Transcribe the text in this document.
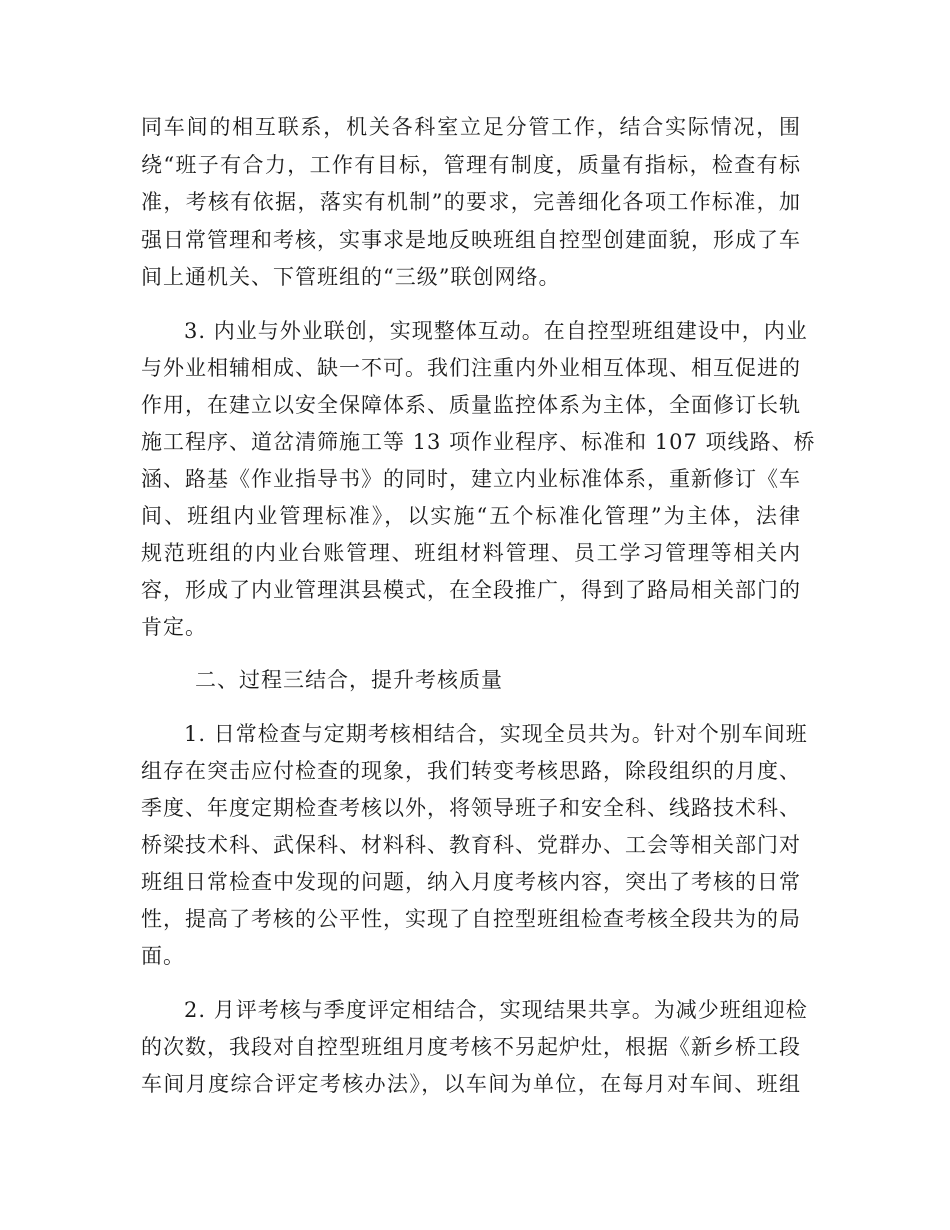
同车间的相互联系，机关各科室立足分管工作，结合实际情况，围
绕“班子有合力，工作有目标，管理有制度，质量有指标，检查有标
准，考核有依据，落实有机制”的要求，完善细化各项工作标准，加
强日常管理和考核，实事求是地反映班组自控型创建面貌，形成了车
间上通机关、下管班组的“三级”联创网络。
3. 内业与外业联创，实现整体互动。在自控型班组建设中，内业
与外业相辅相成、缺一不可。我们注重内外业相互体现、相互促进的
作用，在建立以安全保障体系、质量监控体系为主体，全面修订长轨
施工程序、道岔清筛施工等 13 项作业程序、标准和 107 项线路、桥
涵、路基《作业指导书》的同时，建立内业标准体系，重新修订《车
间、班组内业管理标准》，以实施“五个标准化管理”为主体，法律
规范班组的内业台账管理、班组材料管理、员工学习管理等相关内
容，形成了内业管理淇县模式，在全段推广，得到了路局相关部门的
肯定。
二、过程三结合，提升考核质量
1. 日常检查与定期考核相结合，实现全员共为。针对个别车间班
组存在突击应付检查的现象，我们转变考核思路，除段组织的月度、
季度、年度定期检查考核以外，将领导班子和安全科、线路技术科、
桥梁技术科、武保科、材料科、教育科、党群办、工会等相关部门对
班组日常检查中发现的问题，纳入月度考核内容，突出了考核的日常
性，提高了考核的公平性，实现了自控型班组检查考核全段共为的局
面。
2. 月评考核与季度评定相结合，实现结果共享。为减少班组迎检
的次数，我段对自控型班组月度考核不另起炉灶，根据《新乡桥工段
车间月度综合评定考核办法》，以车间为单位，在每月对车间、班组
